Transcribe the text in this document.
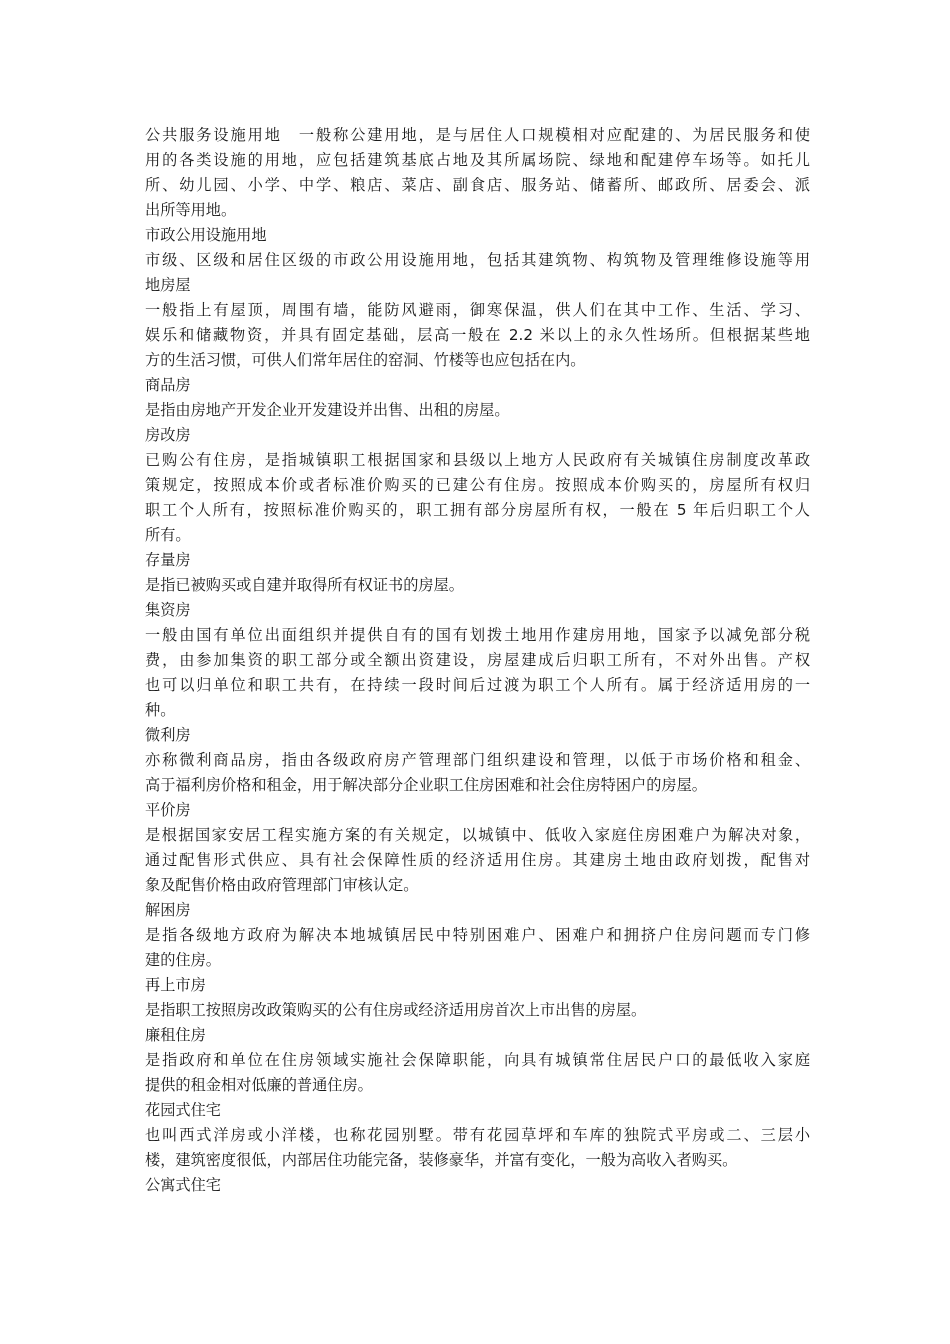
公共服务设施用地　一般称公建用地，是与居住人口规模相对应配建的、为居民服务和使
用的各类设施的用地，应包括建筑基底占地及其所属场院、绿地和配建停车场等。如托儿
所、幼儿园、小学、中学、粮店、菜店、副食店、服务站、储蓄所、邮政所、居委会、派
出所等用地。
市政公用设施用地
市级、区级和居住区级的市政公用设施用地，包括其建筑物、构筑物及管理维修设施等用
地房屋
一般指上有屋顶，周围有墙，能防风避雨，御寒保温，供人们在其中工作、生活、学习、
娱乐和储藏物资，并具有固定基础，层高一般在 2.2 米以上的永久性场所。但根据某些地
方的生活习惯，可供人们常年居住的窑洞、竹楼等也应包括在内。
商品房
是指由房地产开发企业开发建设并出售、出租的房屋。
房改房
已购公有住房，是指城镇职工根据国家和县级以上地方人民政府有关城镇住房制度改革政
策规定，按照成本价或者标准价购买的已建公有住房。按照成本价购买的，房屋所有权归
职工个人所有，按照标准价购买的，职工拥有部分房屋所有权，一般在 5 年后归职工个人
所有。
存量房
是指已被购买或自建并取得所有权证书的房屋。
集资房
一般由国有单位出面组织并提供自有的国有划拨土地用作建房用地，国家予以减免部分税
费，由参加集资的职工部分或全额出资建设，房屋建成后归职工所有，不对外出售。产权
也可以归单位和职工共有，在持续一段时间后过渡为职工个人所有。属于经济适用房的一
种。
微利房
亦称微利商品房，指由各级政府房产管理部门组织建设和管理，以低于市场价格和租金、
高于福利房价格和租金，用于解决部分企业职工住房困难和社会住房特困户的房屋。
平价房
是根据国家安居工程实施方案的有关规定，以城镇中、低收入家庭住房困难户为解决对象，
通过配售形式供应、具有社会保障性质的经济适用住房。其建房土地由政府划拨，配售对
象及配售价格由政府管理部门审核认定。
解困房
是指各级地方政府为解决本地城镇居民中特别困难户、困难户和拥挤户住房问题而专门修
建的住房。
再上市房
是指职工按照房改政策购买的公有住房或经济适用房首次上市出售的房屋。
廉租住房
是指政府和单位在住房领域实施社会保障职能，向具有城镇常住居民户口的最低收入家庭
提供的租金相对低廉的普通住房。
花园式住宅
也叫西式洋房或小洋楼，也称花园别墅。带有花园草坪和车库的独院式平房或二、三层小
楼，建筑密度很低，内部居住功能完备，装修豪华，并富有变化，一般为高收入者购买。
公寓式住宅
